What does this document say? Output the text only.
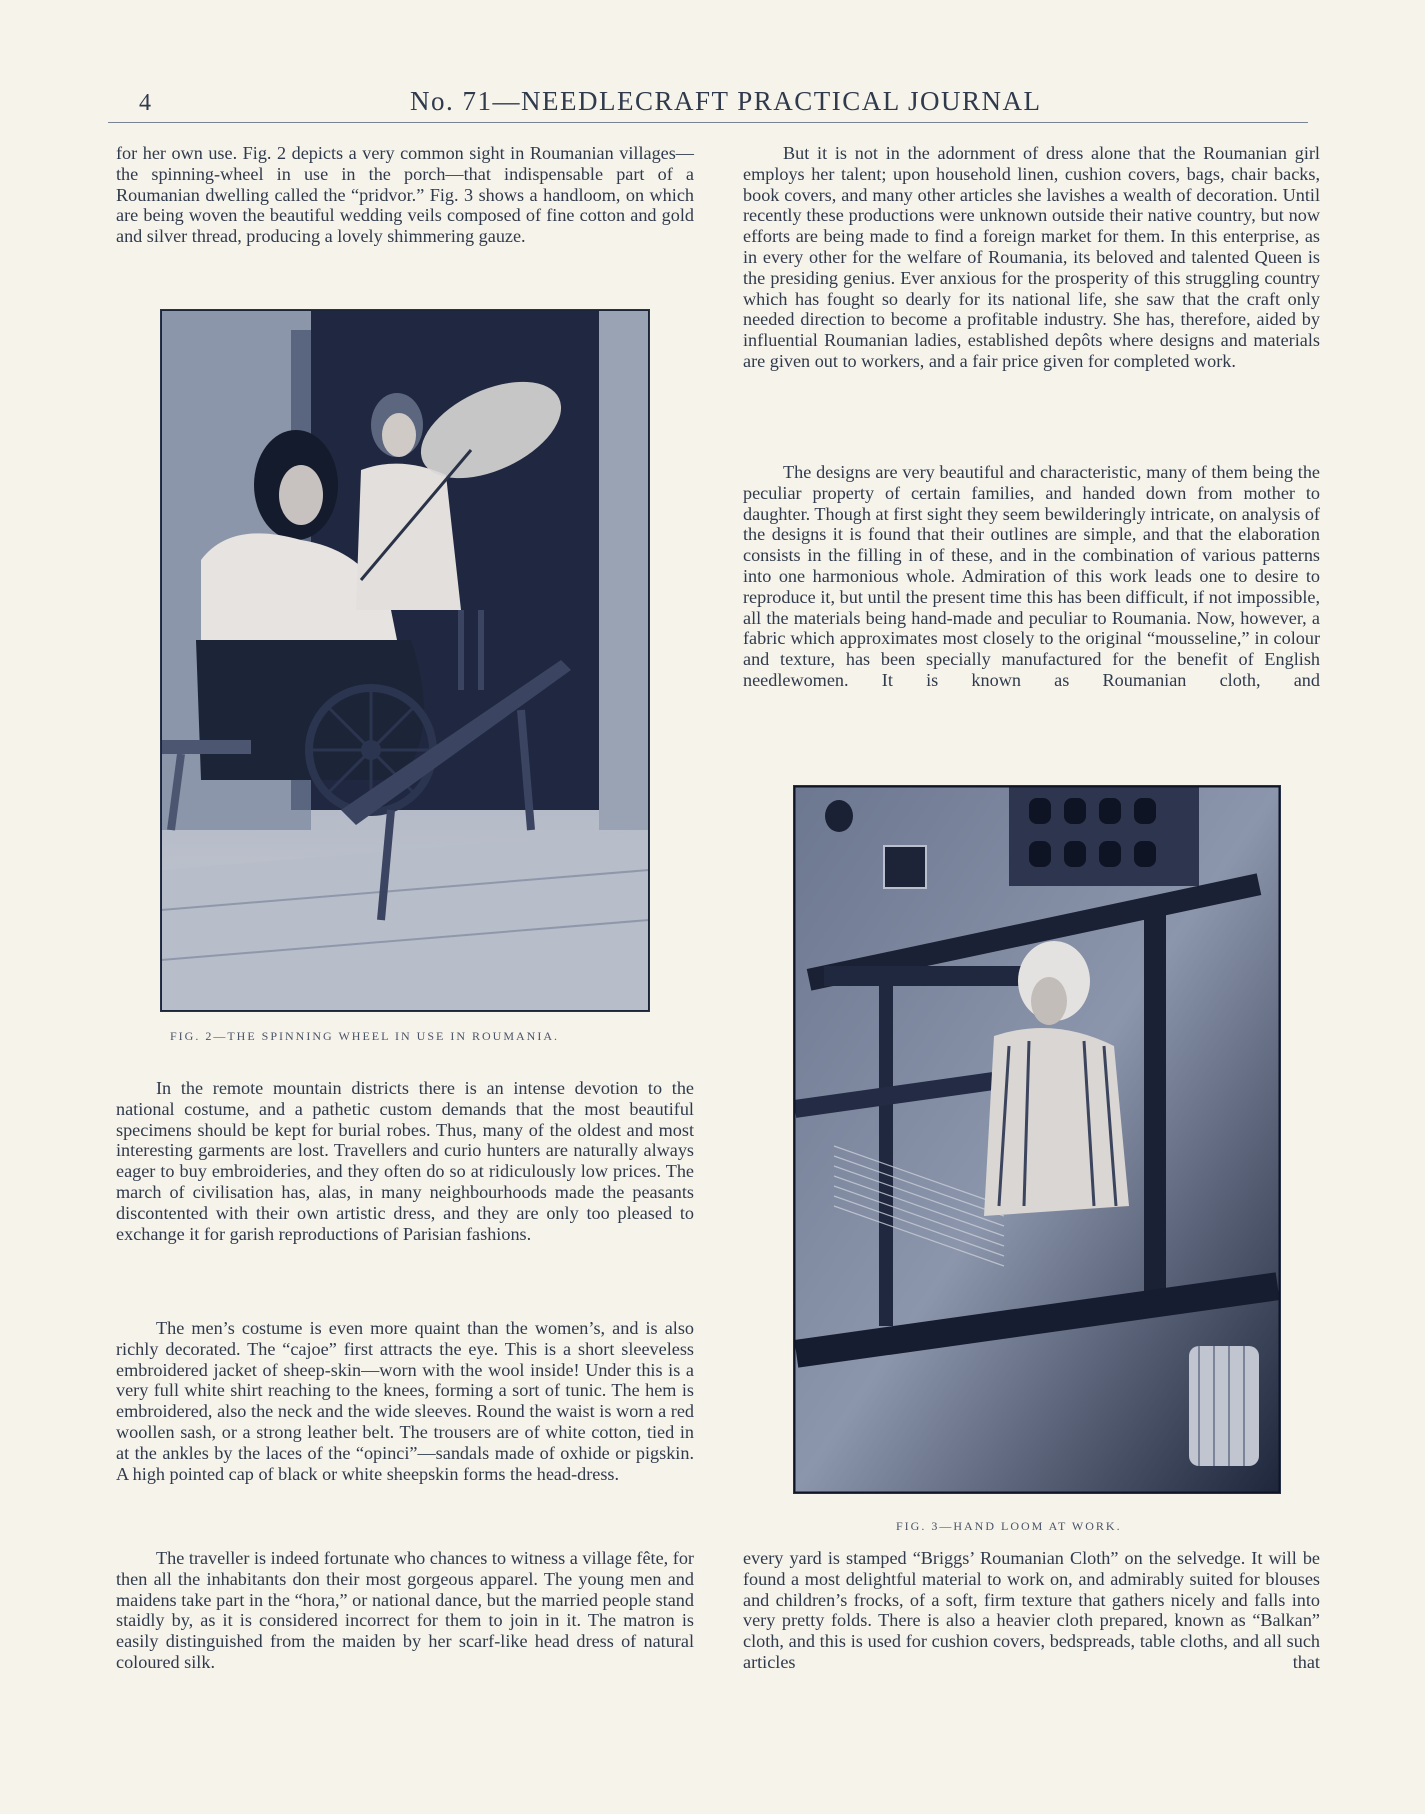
4	No. 71—NEEDLECRAFT PRACTICAL JOURNAL
for her own use. Fig. 2 depicts a very common sight in Roumanian villages—the spinning-wheel in use in the porch—that indispensable part of a Roumanian dwelling called the “pridvor.” Fig. 3 shows a handloom, on which are being woven the beautiful wedding veils composed of fine cotton and gold and silver thread, producing a lovely shimmering gauze.
FIG. 2—THE SPINNING WHEEL IN USE IN ROUMANIA.
In the remote mountain districts there is an intense devotion to the national costume, and a pathetic custom demands that the most beautiful specimens should be kept for burial robes. Thus, many of the oldest and most interesting garments are lost. Travellers and curio hunters are naturally always eager to buy embroideries, and they often do so at ridiculously low prices. The march of civilisation has, alas, in many neighbourhoods made the peasants discontented with their own artistic dress, and they are only too pleased to exchange it for garish reproductions of Parisian fashions.
The men’s costume is even more quaint than the women’s, and is also richly decorated. The “cajoe” first attracts the eye. This is a short sleeveless embroidered jacket of sheep-skin—worn with the wool inside! Under this is a very full white shirt reaching to the knees, forming a sort of tunic. The hem is embroidered, also the neck and the wide sleeves. Round the waist is worn a red woollen sash, or a strong leather belt. The trousers are of white cotton, tied in at the ankles by the laces of the “opinci”—sandals made of oxhide or pigskin. A high pointed cap of black or white sheepskin forms the head-dress.
The traveller is indeed fortunate who chances to witness a village fête, for then all the inhabitants don their most gorgeous apparel. The young men and maidens take part in the “hora,” or national dance, but the married people stand staidly by, as it is considered incorrect for them to join in it. The matron is easily distinguished from the maiden by her scarf-like head dress of natural coloured silk.
But it is not in the adornment of dress alone that the Roumanian girl employs her talent; upon household linen, cushion covers, bags, chair backs, book covers, and many other articles she lavishes a wealth of decoration. Until recently these productions were unknown outside their native country, but now efforts are being made to find a foreign market for them. In this enterprise, as in every other for the welfare of Roumania, its beloved and talented Queen is the presiding genius. Ever anxious for the prosperity of this struggling country which has fought so dearly for its national life, she saw that the craft only needed direction to become a profitable industry. She has, therefore, aided by influential Roumanian ladies, established depôts where designs and materials are given out to workers, and a fair price given for completed work.
The designs are very beautiful and characteristic, many of them being the peculiar property of certain families, and handed down from mother to daughter. Though at first sight they seem bewilderingly intricate, on analysis of the designs it is found that their outlines are simple, and that the elaboration consists in the filling in of these, and in the combination of various patterns into one harmonious whole. Admiration of this work leads one to desire to reproduce it, but until the present time this has been difficult, if not impossible, all the materials being hand-made and peculiar to Roumania. Now, however, a fabric which approximates most closely to the original “mousseline,” in colour and texture, has been specially manufactured for the benefit of English needlewomen. It is known as Roumanian cloth, and
FIG. 3—HAND LOOM AT WORK.
every yard is stamped “Briggs’ Roumanian Cloth” on the selvedge. It will be found a most delightful material to work on, and admirably suited for blouses and children’s frocks, of a soft, firm texture that gathers nicely and falls into very pretty folds. There is also a heavier cloth prepared, known as “Balkan” cloth, and this is used for cushion covers, bedspreads, table cloths, and all such articles that
